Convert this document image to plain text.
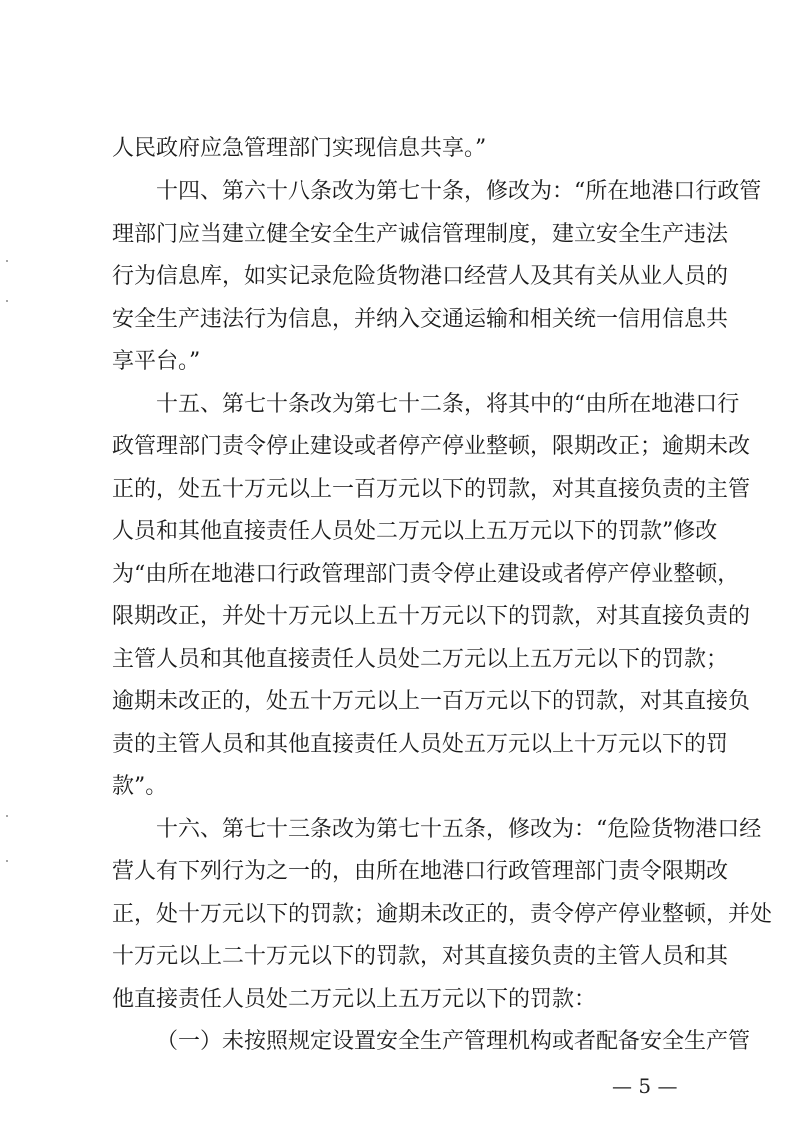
人民政府应急管理部门实现信息共享。”
十四、第六十八条改为第七十条，修改为：“所在地港口行政管
理部门应当建立健全安全生产诚信管理制度，建立安全生产违法
行为信息库，如实记录危险货物港口经营人及其有关从业人员的
安全生产违法行为信息，并纳入交通运输和相关统一信用信息共
享平台。”
十五、第七十条改为第七十二条，将其中的“由所在地港口行
政管理部门责令停止建设或者停产停业整顿，限期改正；逾期未改
正的，处五十万元以上一百万元以下的罚款，对其直接负责的主管
人员和其他直接责任人员处二万元以上五万元以下的罚款”修改
为“由所在地港口行政管理部门责令停止建设或者停产停业整顿，
限期改正，并处十万元以上五十万元以下的罚款，对其直接负责的
主管人员和其他直接责任人员处二万元以上五万元以下的罚款；
逾期未改正的，处五十万元以上一百万元以下的罚款，对其直接负
责的主管人员和其他直接责任人员处五万元以上十万元以下的罚
款”。
十六、第七十三条改为第七十五条，修改为：“危险货物港口经
营人有下列行为之一的，由所在地港口行政管理部门责令限期改
正，处十万元以下的罚款；逾期未改正的，责令停产停业整顿，并处
十万元以上二十万元以下的罚款，对其直接负责的主管人员和其
他直接责任人员处二万元以上五万元以下的罚款：
（一）未按照规定设置安全生产管理机构或者配备安全生产管
— 5 —
